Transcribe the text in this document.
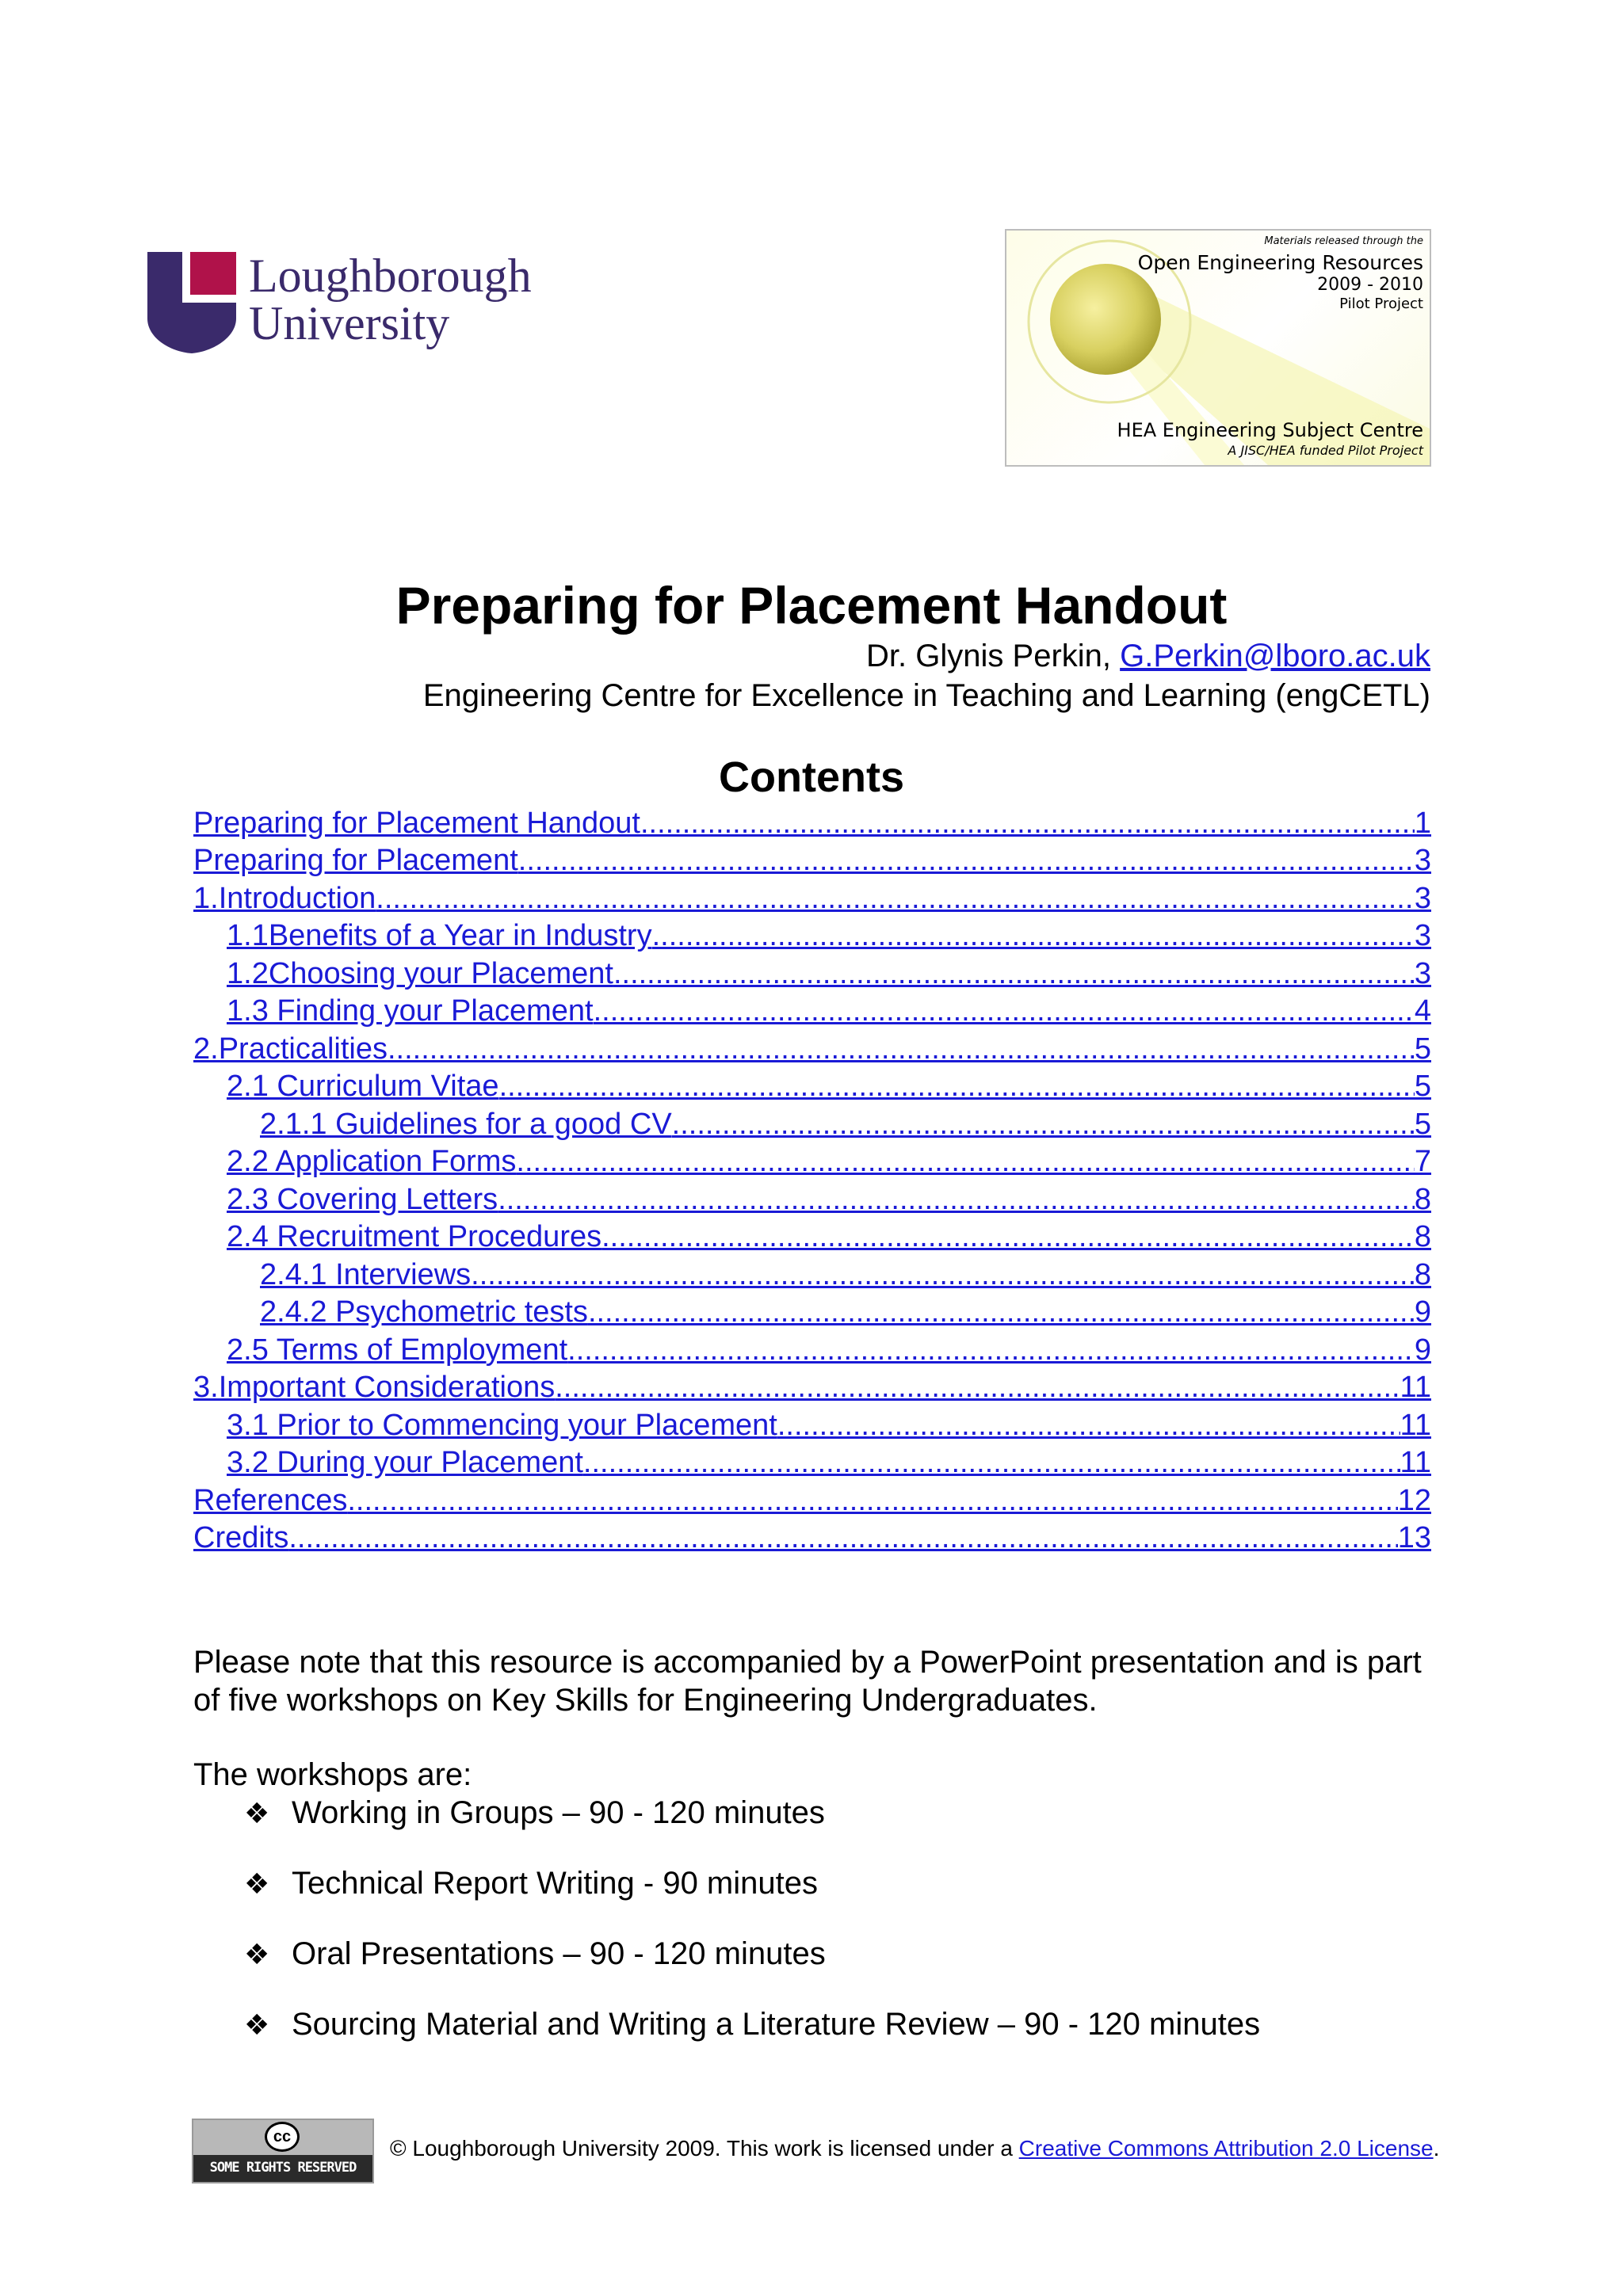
Loughborough
University
Materials released through the
Open Engineering Resources
2009 - 2010
Pilot Project
HEA Engineering Subject Centre
A JISC/HEA funded Pilot Project
Preparing for Placement Handout
Dr. Glynis Perkin, G.Perkin@lboro.ac.uk
Engineering Centre for Excellence in Teaching and Learning (engCETL)
Contents
Preparing for Placement Handout .....	1
Preparing for Placement .....	3
1.Introduction .....	3
1.1Benefits of a Year in Industry .....	3
1.2Choosing your Placement .....	3
1.3 Finding your Placement .....	4
2.Practicalities .....	5
2.1 Curriculum Vitae .....	5
2.1.1 Guidelines for a good CV .....	5
2.2 Application Forms .....	7
2.3 Covering Letters .....	8
2.4 Recruitment Procedures .....	8
2.4.1 Interviews .....	8
2.4.2 Psychometric tests .....	9
2.5 Terms of Employment .....	9
3.Important Considerations .....	11
3.1 Prior to Commencing your Placement .....	11
3.2 During your Placement .....	11
References .....	12
Credits .....	13
Please note that this resource is accompanied by a PowerPoint presentation and is part of five workshops on Key Skills for Engineering Undergraduates.
The workshops are:
❖ Working in Groups – 90 - 120 minutes
❖ Technical Report Writing - 90 minutes
❖ Oral Presentations – 90 - 120 minutes
❖ Sourcing Material and Writing a Literature Review – 90 - 120 minutes
cc
SOME RIGHTS RESERVED
© Loughborough University 2009. This work is licensed under a Creative Commons Attribution 2.0 License.
